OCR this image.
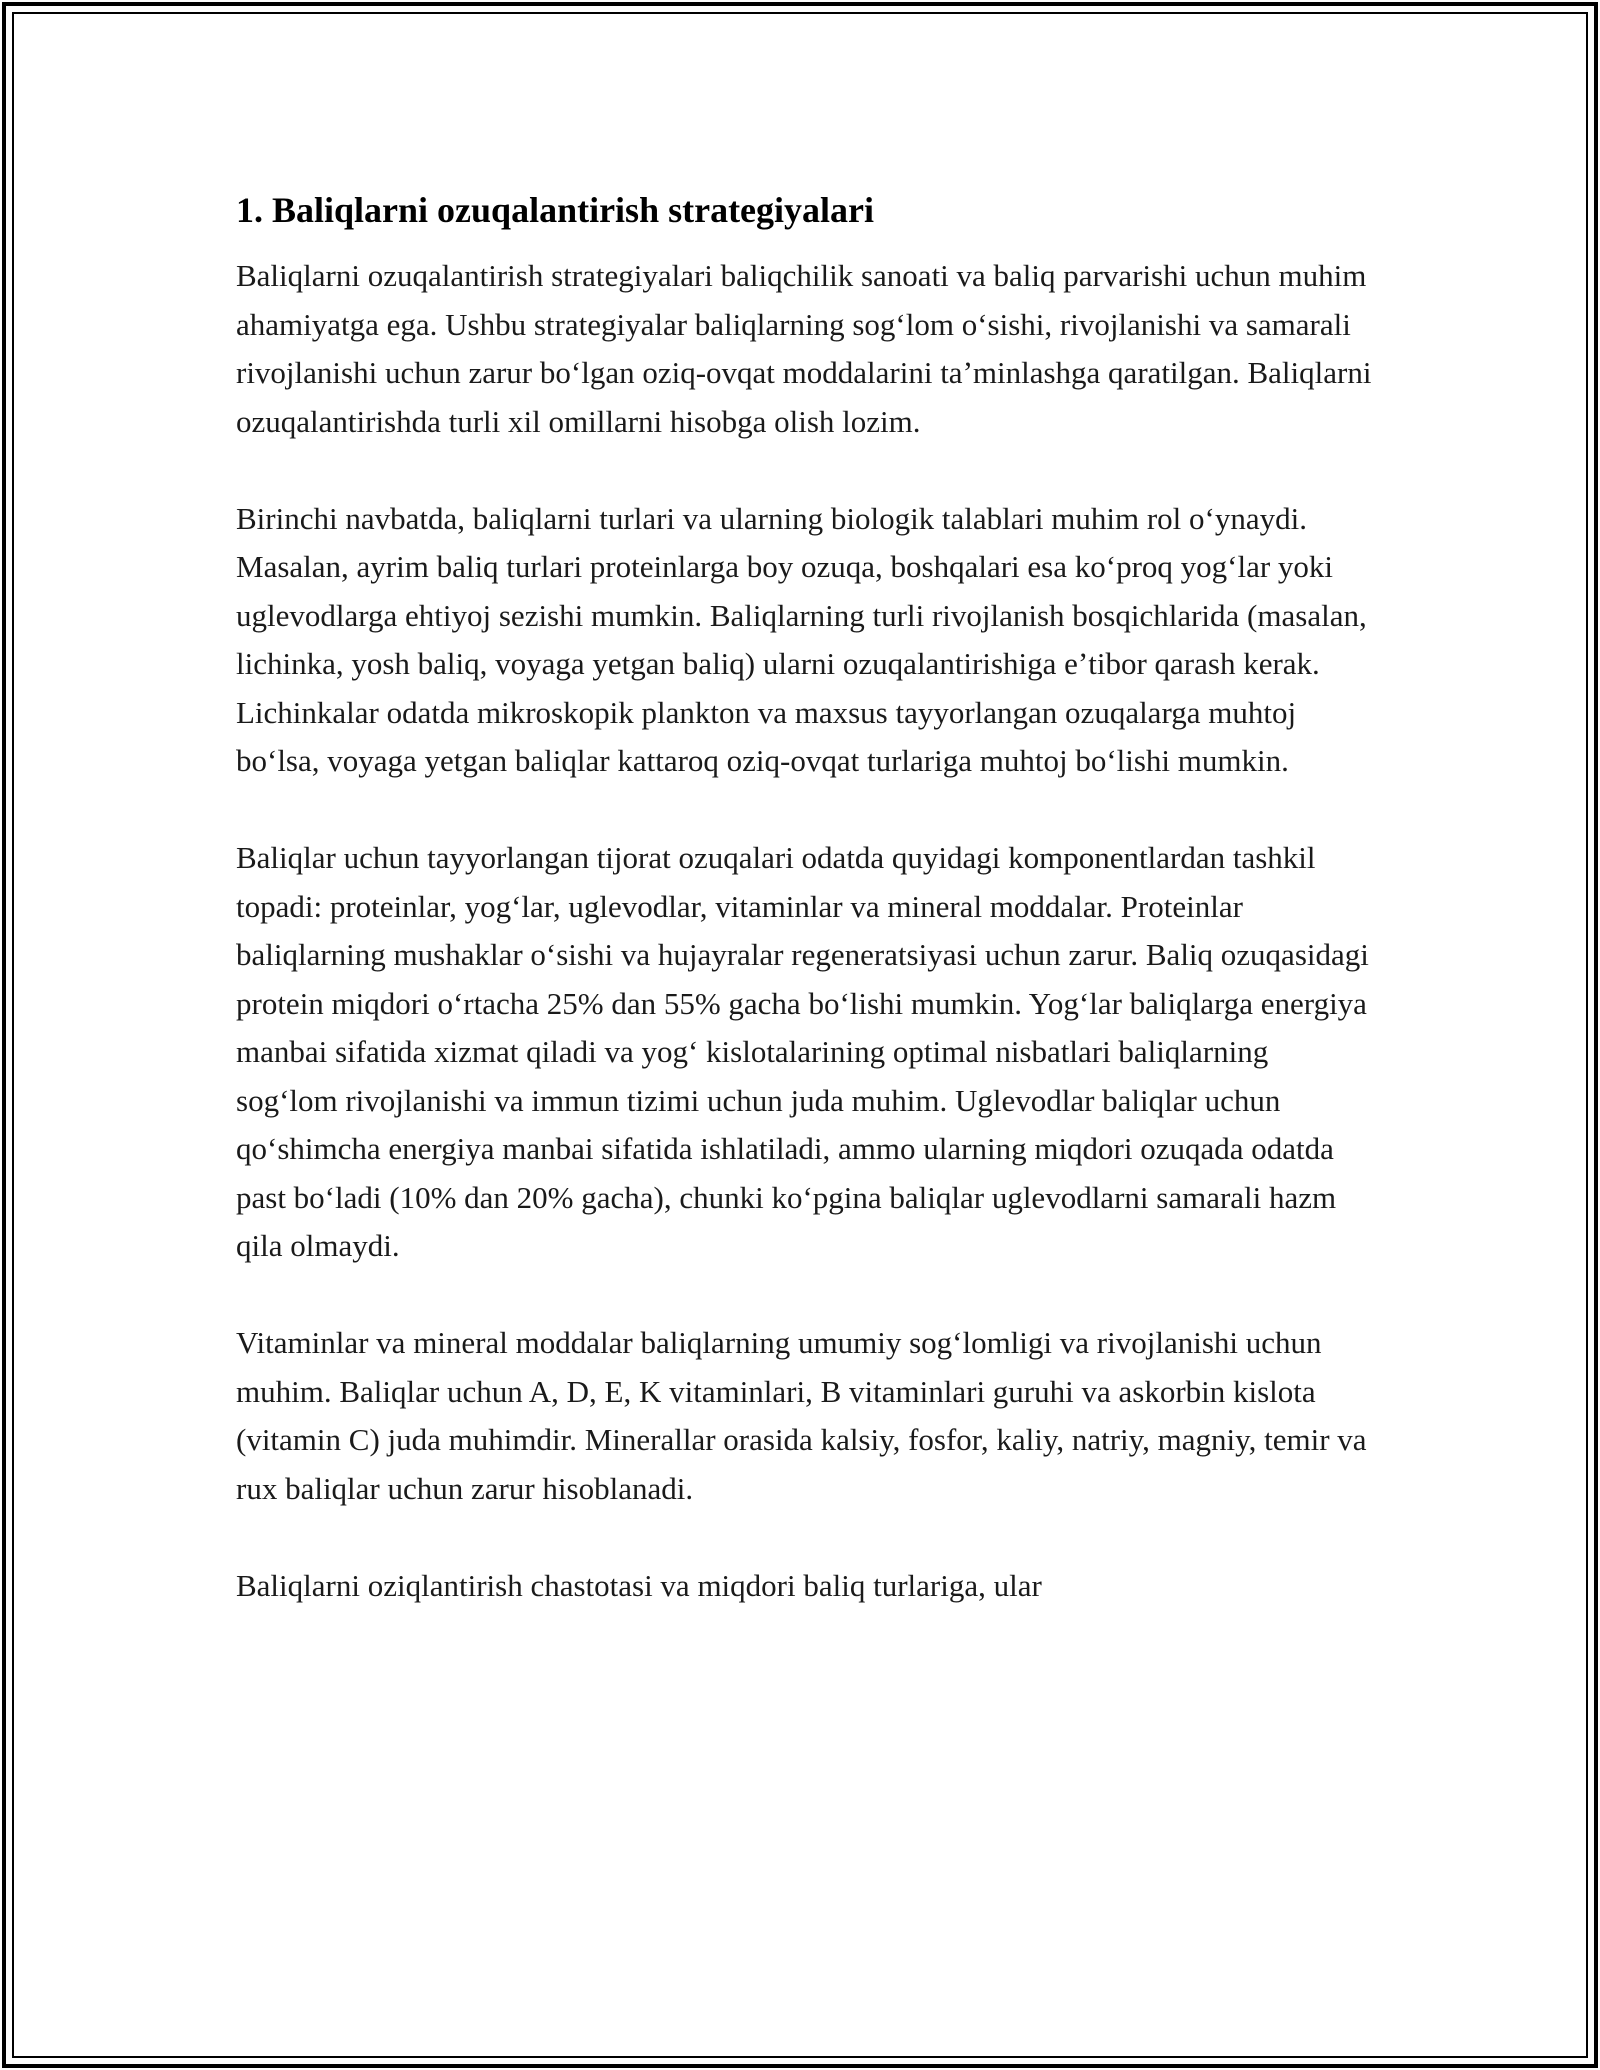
1. Baliqlarni ozuqalantirish strategiyalari

Baliqlarni ozuqalantirish strategiyalari baliqchilik sanoati va baliq parvarishi uchun muhim ahamiyatga ega. Ushbu strategiyalar baliqlarning sogʻlom oʻsishi, rivojlanishi va samarali rivojlanishi uchun zarur boʻlgan oziq-ovqat moddalarini taʼminlashga qaratilgan. Baliqlarni ozuqalantirishda turli xil omillarni hisobga olish lozim.

Birinchi navbatda, baliqlarni turlari va ularning biologik talablari muhim rol oʻynaydi. Masalan, ayrim baliq turlari proteinlarga boy ozuqa, boshqalari esa koʻproq yogʻlar yoki uglevodlarga ehtiyoj sezishi mumkin. Baliqlarning turli rivojlanish bosqichlarida (masalan, lichinka, yosh baliq, voyaga yetgan baliq) ularni ozuqalantirishiga eʼtibor qarash kerak. Lichinkalar odatda mikroskopik plankton va maxsus tayyorlangan ozuqalarga muhtoj boʻlsa, voyaga yetgan baliqlar kattaroq oziq-ovqat turlariga muhtoj boʻlishi mumkin.

Baliqlar uchun tayyorlangan tijorat ozuqalari odatda quyidagi komponentlardan tashkil topadi: proteinlar, yogʻlar, uglevodlar, vitaminlar va mineral moddalar. Proteinlar baliqlarning mushaklar oʻsishi va hujayralar regeneratsiyasi uchun zarur. Baliq ozuqasidagi protein miqdori oʻrtacha 25% dan 55% gacha boʻlishi mumkin. Yogʻlar baliqlarga energiya manbai sifatida xizmat qiladi va yogʻ kislotalarining optimal nisbatlari baliqlarning sogʻlom rivojlanishi va immun tizimi uchun juda muhim. Uglevodlar baliqlar uchun qoʻshimcha energiya manbai sifatida ishlatiladi, ammo ularning miqdori ozuqada odatda past boʻladi (10% dan 20% gacha), chunki koʻpgina baliqlar uglevodlarni samarali hazm qila olmaydi.

Vitaminlar va mineral moddalar baliqlarning umumiy sogʻlomligi va rivojlanishi uchun muhim. Baliqlar uchun A, D, E, K vitaminlari, B vitaminlari guruhi va askorbin kislota (vitamin C) juda muhimdir. Minerallar orasida kalsiy, fosfor, kaliy, natriy, magniy, temir va rux baliqlar uchun zarur hisoblanadi.

Baliqlarni oziqlantirish chastotasi va miqdori baliq turlariga, ular
